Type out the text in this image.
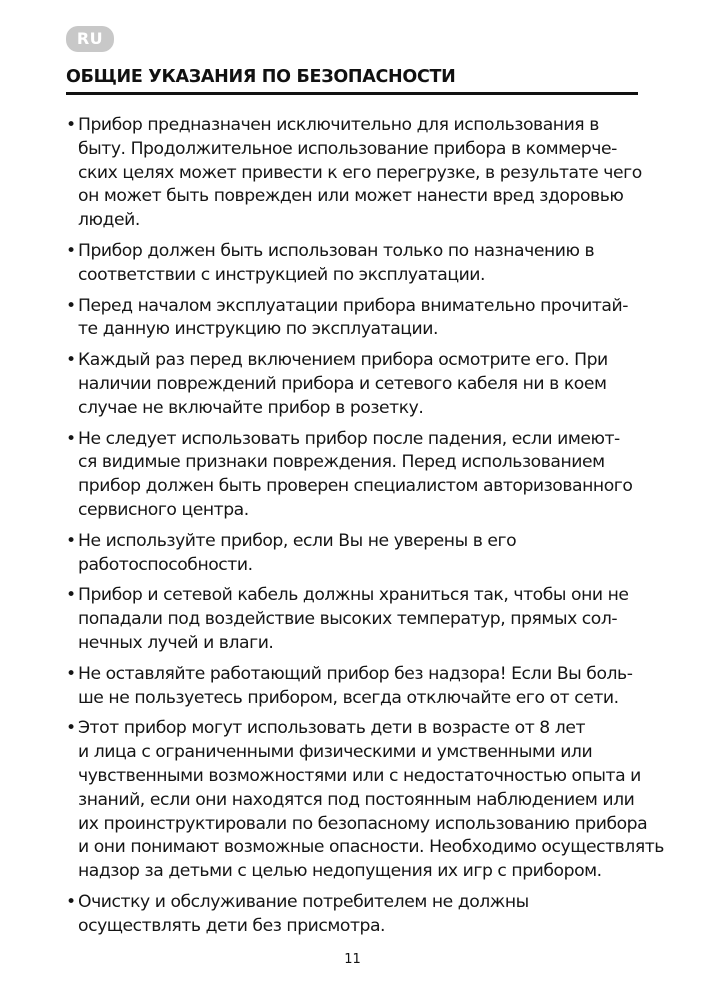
RU
ОБЩИЕ УКАЗАНИЯ ПО БЕЗОПАСНОСТИ
• Прибор предназначен исключительно для использования в
быту. Продолжительное использование прибора в коммерче-
ских целях может привести к его перегрузке, в результате чего
он может быть поврежден или может нанести вред здоровью
людей.
• Прибор должен быть использован только по назначению в
соответствии с инструкцией по эксплуатации.
• Перед началом эксплуатации прибора внимательно прочитай-
те данную инструкцию по эксплуатации.
• Каждый раз перед включением прибора осмотрите его. При
наличии повреждений прибора и сетевого кабеля ни в коем
случае не включайте прибор в розетку.
• Не следует использовать прибор после падения, если имеют-
ся видимые признаки повреждения. Перед использованием
прибор должен быть проверен специалистом авторизованного
сервисного центра.
• Не используйте прибор, если Вы не уверены в его
работоспособности.
• Прибор и сетевой кабель должны храниться так, чтобы они не
попадали под воздействие высоких температур, прямых сол-
нечных лучей и влаги.
• Не оставляйте работающий прибор без надзора! Если Вы боль-
ше не пользуетесь прибором, всегда отключайте его от сети.
• Этот прибор могут использовать дети в возрасте от 8 лет
и лица с ограниченными физическими и умственными или
чувственными возможностями или с недостаточностью опыта и
знаний, если они находятся под постоянным наблюдением или
их проинструктировали по безопасному использованию прибора
и они понимают возможные опасности. Необходимо осуществлять
надзор за детьми с целью недопущения их игр с прибором.
• Очистку и обслуживание потребителем не должны
осуществлять дети без присмотра.
11
